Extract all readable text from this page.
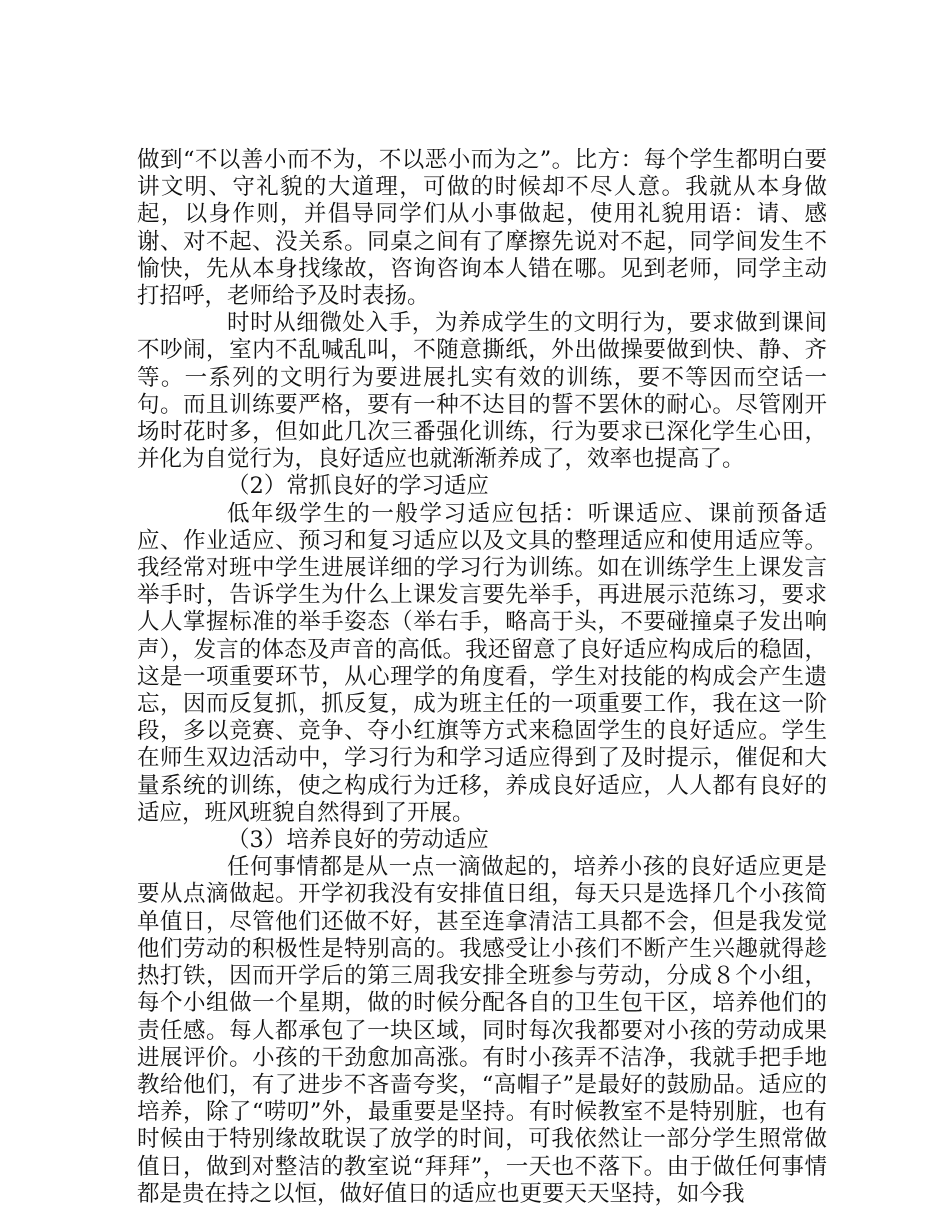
做到“不以善小而不为，不以恶小而为之”。比方：每个学生都明白要讲文明、守礼貌的大道理，可做的时候却不尽人意。我就从本身做起，以身作则，并倡导同学们从小事做起，使用礼貌用语：请、感谢、对不起、没关系。同桌之间有了摩擦先说对不起，同学间发生不愉快，先从本身找缘故，咨询咨询本人错在哪。见到老师，同学主动打招呼，老师给予及时表扬。

时时从细微处入手，为养成学生的文明行为，要求做到课间不吵闹，室内不乱喊乱叫，不随意撕纸，外出做操要做到快、静、齐等。一系列的文明行为要进展扎实有效的训练，要不等因而空话一句。而且训练要严格，要有一种不达目的誓不罢休的耐心。尽管刚开场时花时多，但如此几次三番强化训练，行为要求已深化学生心田，并化为自觉行为，良好适应也就渐渐养成了，效率也提高了。

（2）常抓良好的学习适应

低年级学生的一般学习适应包括：听课适应、课前预备适应、作业适应、预习和复习适应以及文具的整理适应和使用适应等。我经常对班中学生进展详细的学习行为训练。如在训练学生上课发言举手时，告诉学生为什么上课发言要先举手，再进展示范练习，要求人人掌握标准的举手姿态（举右手，略高于头，不要碰撞桌子发出响声），发言的体态及声音的高低。我还留意了良好适应构成后的稳固，这是一项重要环节，从心理学的角度看，学生对技能的构成会产生遗忘，因而反复抓，抓反复，成为班主任的一项重要工作，我在这一阶段，多以竞赛、竞争、夺小红旗等方式来稳固学生的良好适应。学生在师生双边活动中，学习行为和学习适应得到了及时提示，催促和大量系统的训练，使之构成行为迁移，养成良好适应，人人都有良好的适应，班风班貌自然得到了开展。

（3）培养良好的劳动适应

任何事情都是从一点一滴做起的，培养小孩的良好适应更是要从点滴做起。开学初我没有安排值日组，每天只是选择几个小孩简单值日，尽管他们还做不好，甚至连拿清洁工具都不会，但是我发觉他们劳动的积极性是特别高的。我感受让小孩们不断产生兴趣就得趁热打铁，因而开学后的第三周我安排全班参与劳动，分成８个小组，每个小组做一个星期，做的时候分配各自的卫生包干区，培养他们的责任感。每人都承包了一块区域，同时每次我都要对小孩的劳动成果进展评价。小孩的干劲愈加高涨。有时小孩弄不洁净，我就手把手地教给他们，有了进步不吝啬夸奖，“高帽子”是最好的鼓励品。适应的培养，除了“唠叨”外，最重要是坚持。有时候教室不是特别脏，也有时候由于特别缘故耽误了放学的时间，可我依然让一部分学生照常做值日，做到对整洁的教室说“拜拜”，一天也不落下。由于做任何事情都是贵在持之以恒，做好值日的适应也更要天天坚持，如今我
